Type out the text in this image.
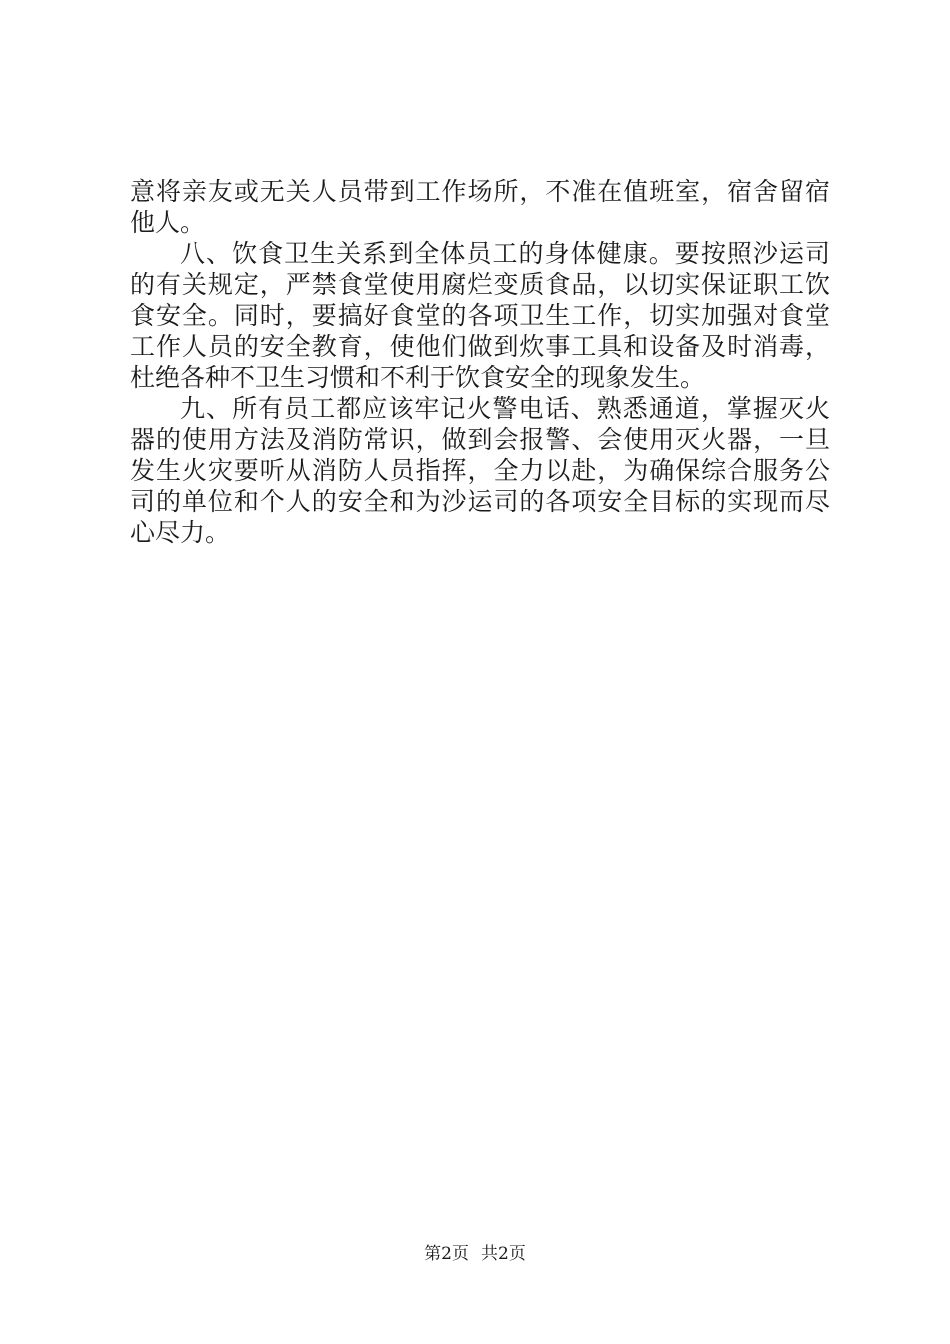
意将亲友或无关人员带到工作场所，不准在值班室，宿舍留宿
他人。
八、饮食卫生关系到全体员工的身体健康。要按照沙运司
的有关规定，严禁食堂使用腐烂变质食品，以切实保证职工饮
食安全。同时，要搞好食堂的各项卫生工作，切实加强对食堂
工作人员的安全教育，使他们做到炊事工具和设备及时消毒，
杜绝各种不卫生习惯和不利于饮食安全的现象发生。
九、所有员工都应该牢记火警电话、熟悉通道，掌握灭火
器的使用方法及消防常识，做到会报警、会使用灭火器，一旦
发生火灾要听从消防人员指挥，全力以赴，为确保综合服务公
司的单位和个人的安全和为沙运司的各项安全目标的实现而尽
心尽力。
第2页 共2页
